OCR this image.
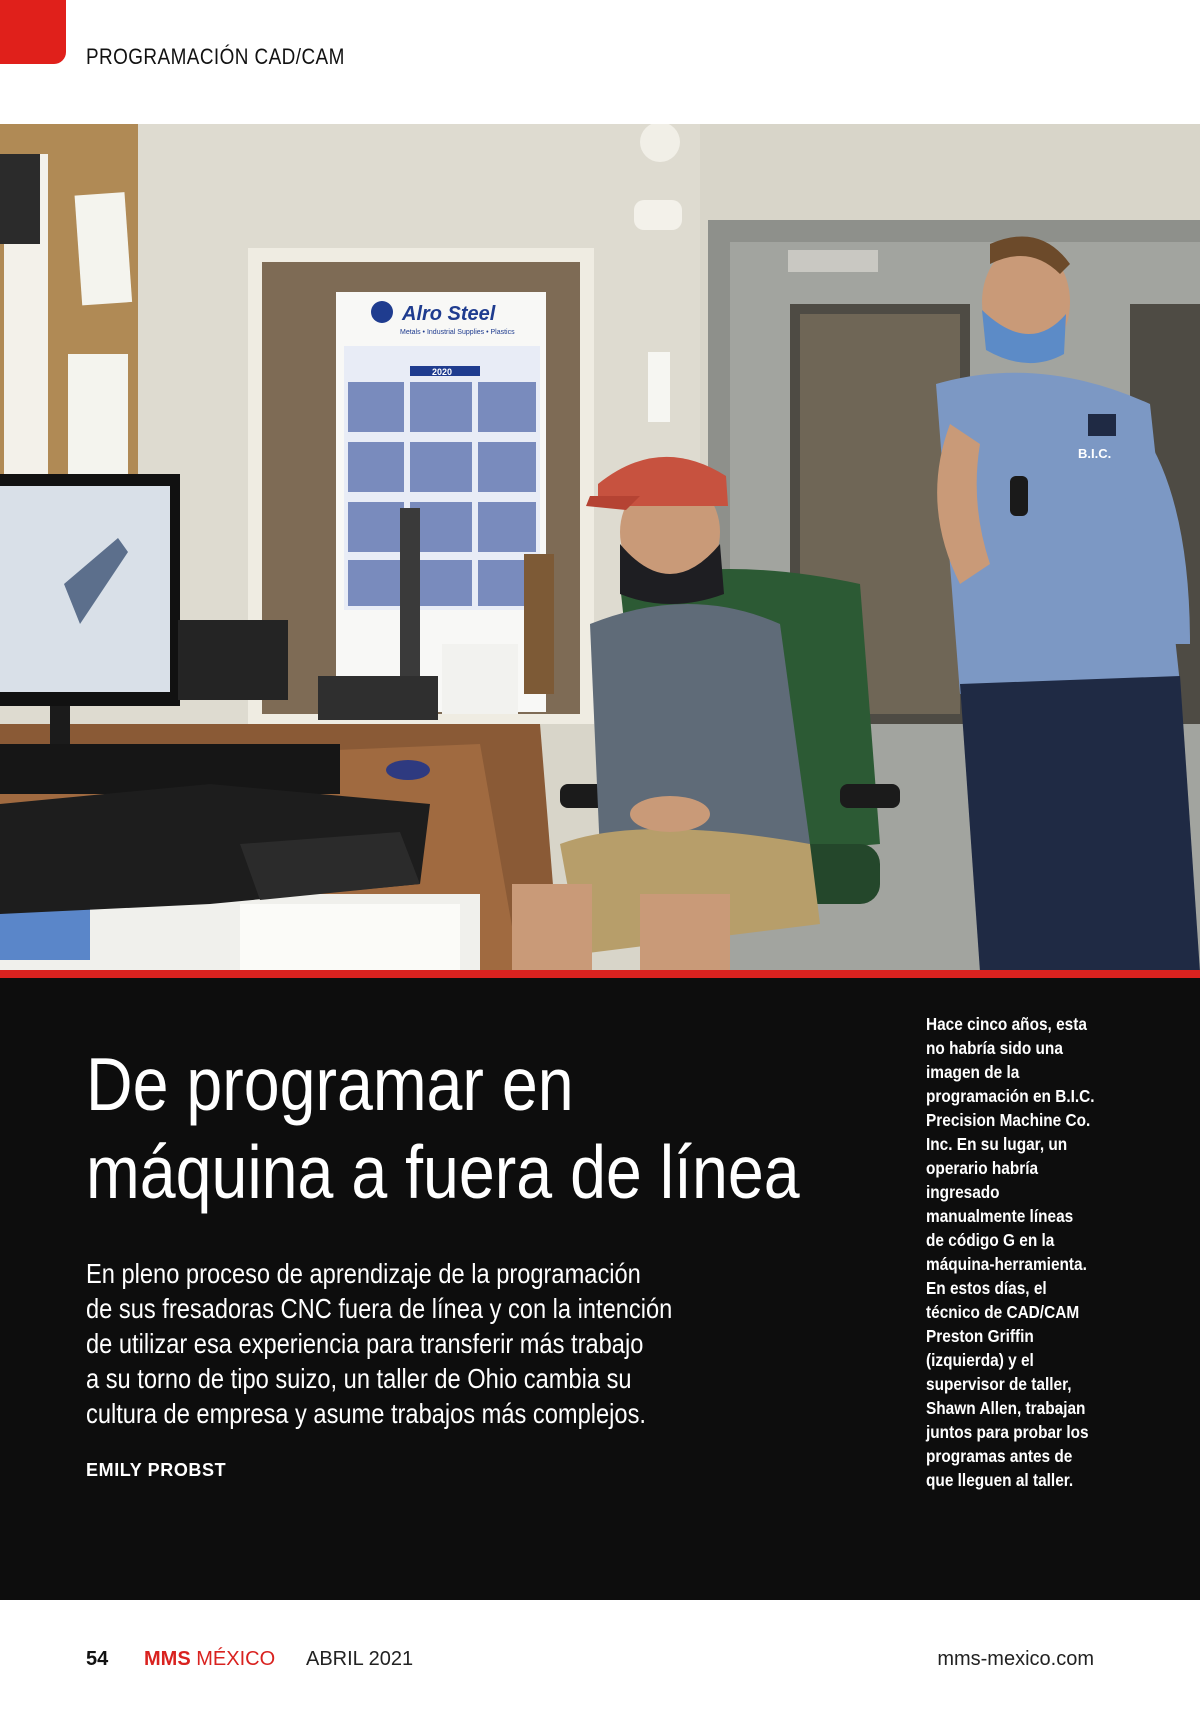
PROGRAMACIÓN CAD/CAM
Alro Steel
Metals • Industrial Supplies • Plastics
2020
B.I.C.
De programar en
máquina a fuera de línea
En pleno proceso de aprendizaje de la programación
de sus fresadoras CNC fuera de línea y con la intención
de utilizar esa experiencia para transferir más trabajo
a su torno de tipo suizo, un taller de Ohio cambia su
cultura de empresa y asume trabajos más complejos.
EMILY PROBST
Hace cinco años, esta
no habría sido una
imagen de la
programación en B.I.C.
Precision Machine Co.
Inc. En su lugar, un
operario habría
ingresado
manualmente líneas
de código G en la
máquina-herramienta.
En estos días, el
técnico de CAD/CAM
Preston Griffin
(izquierda) y el
supervisor de taller,
Shawn Allen, trabajan
juntos para probar los
programas antes de
que lleguen al taller.
54 MMS MÉXICO ABRIL 2021	mms-mexico.com
